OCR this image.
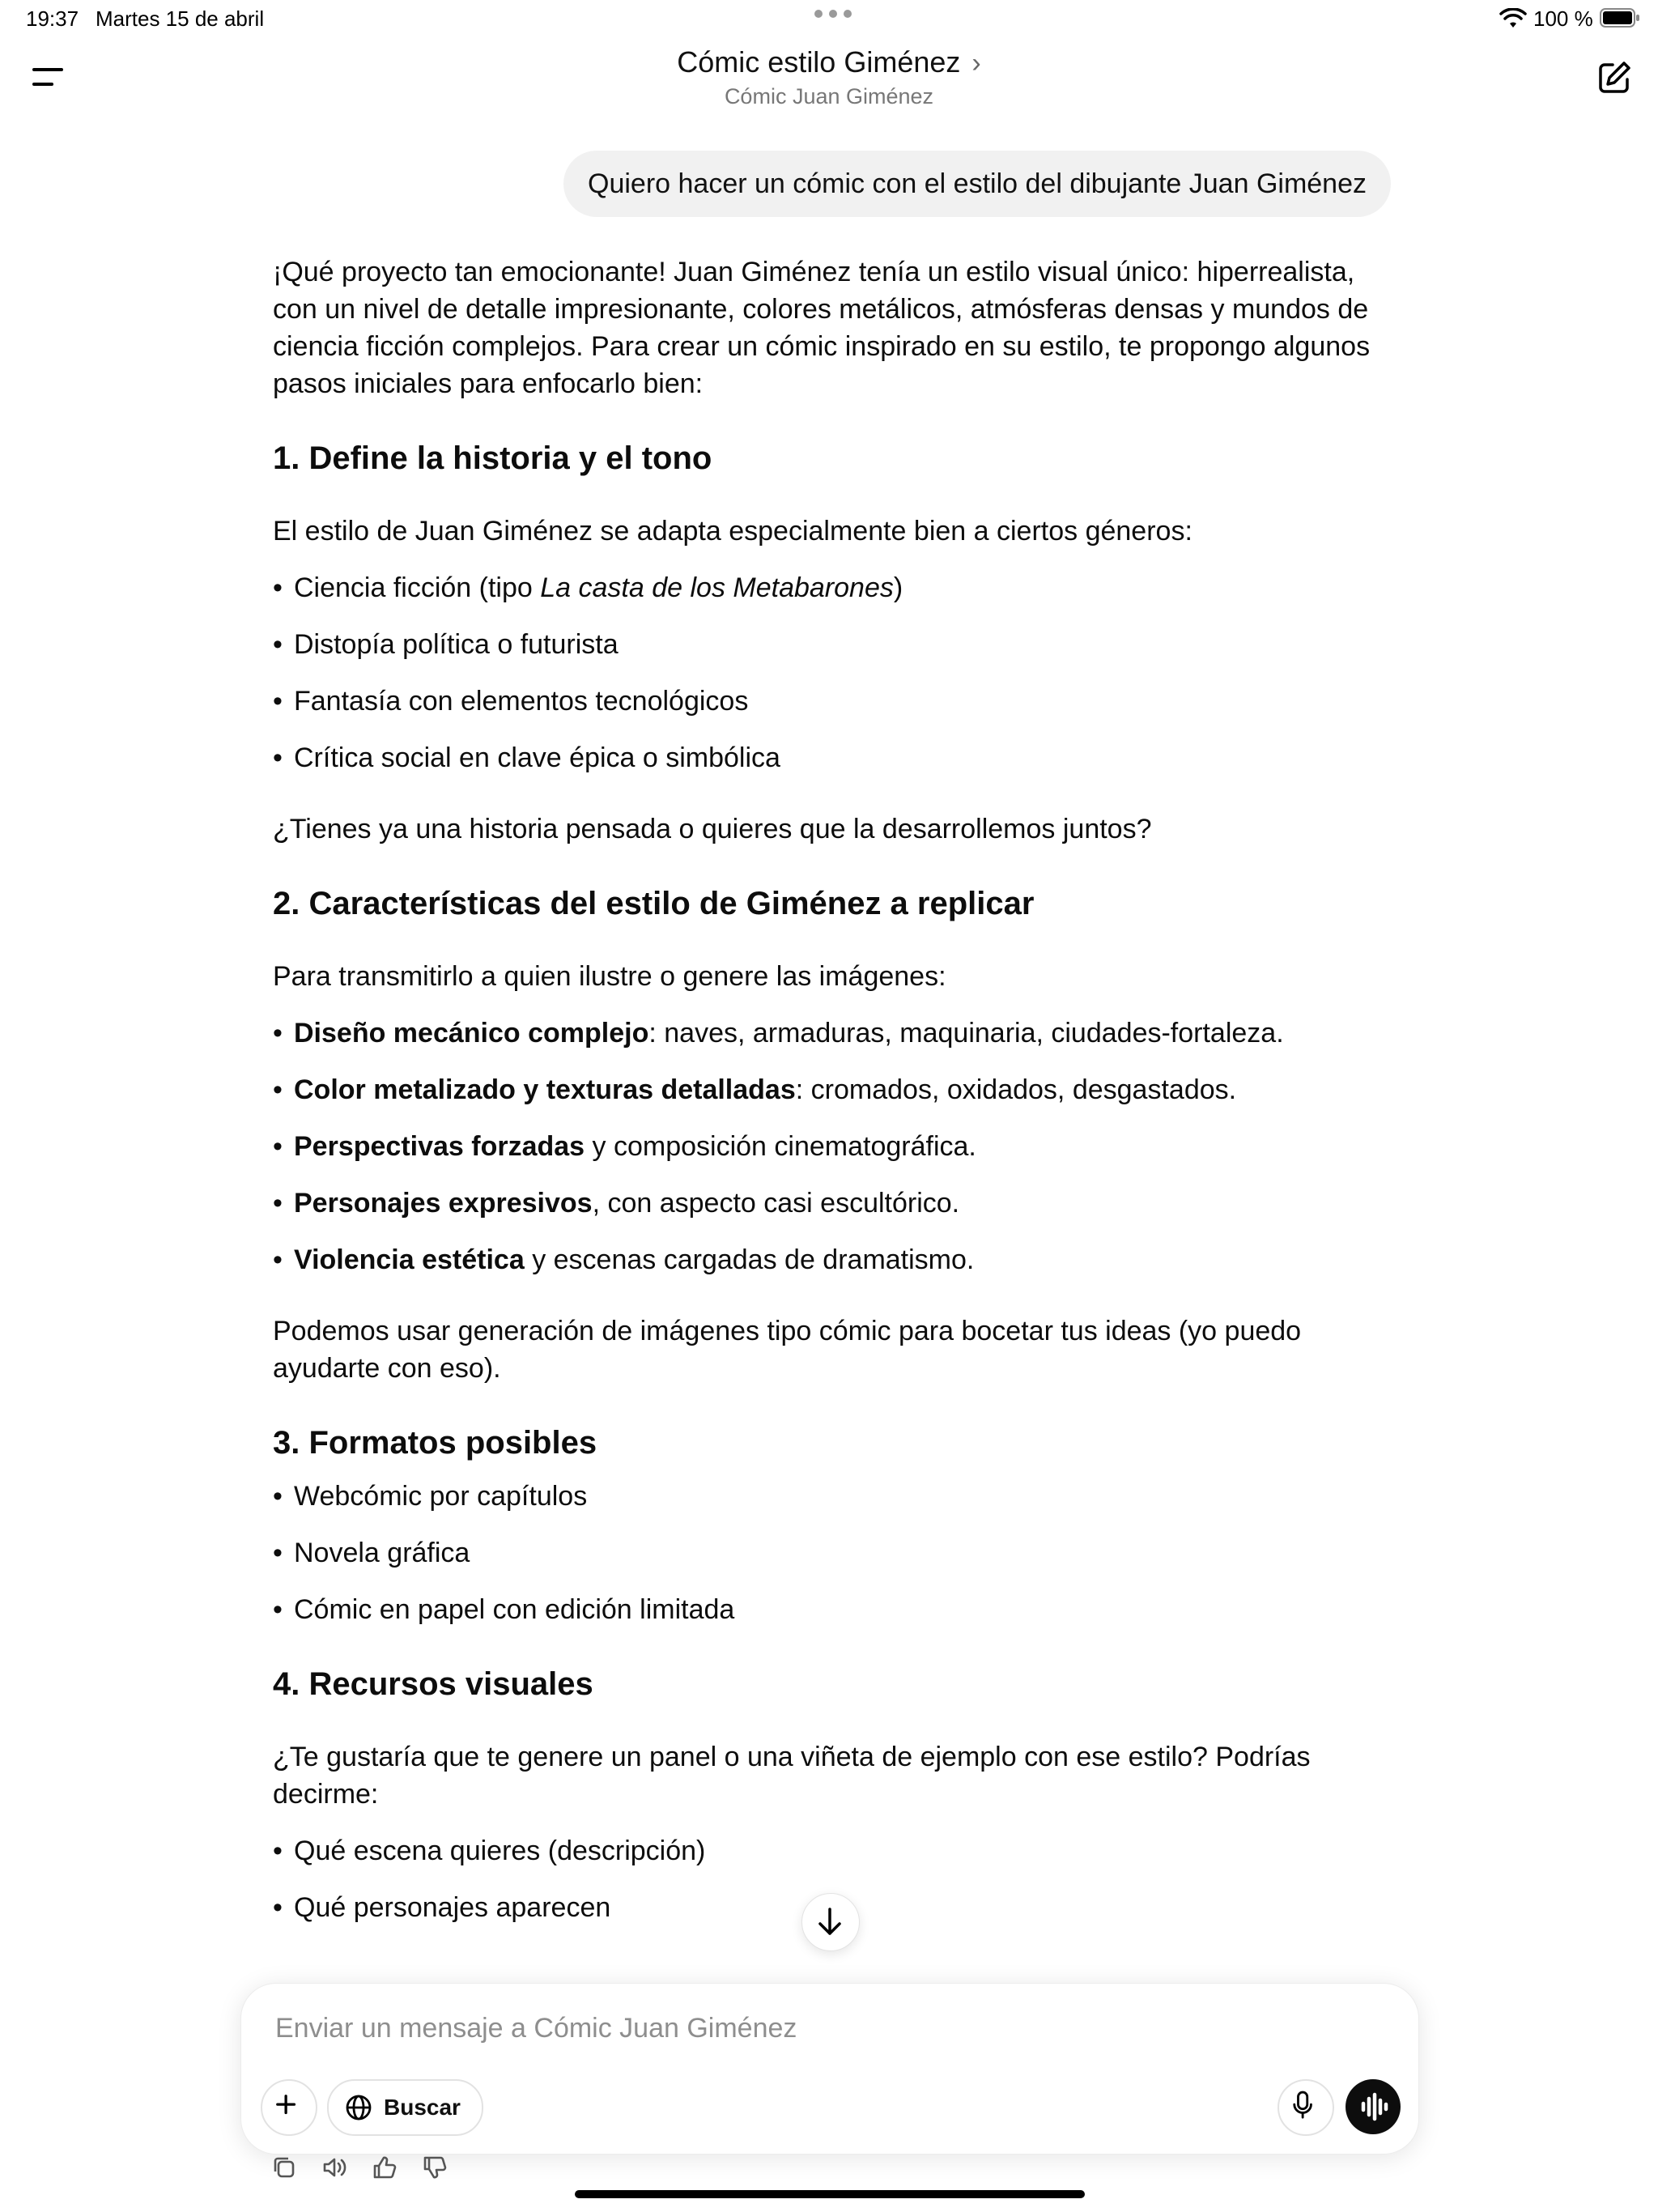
19:37 Martes 15 de abril	100 %
Cómic estilo Giménez ›
Cómic Juan Giménez
Quiero hacer un cómic con el estilo del dibujante Juan Giménez

¡Qué proyecto tan emocionante! Juan Giménez tenía un estilo visual único: hiperrealista, con un nivel de detalle impresionante, colores metálicos, atmósferas densas y mundos de ciencia ficción complejos. Para crear un cómic inspirado en su estilo, te propongo algunos pasos iniciales para enfocarlo bien:

1. Define la historia y el tono

El estilo de Juan Giménez se adapta especialmente bien a ciertos géneros:

• Ciencia ficción (tipo La casta de los Metabarones)
• Distopía política o futurista
• Fantasía con elementos tecnológicos
• Crítica social en clave épica o simbólica

¿Tienes ya una historia pensada o quieres que la desarrollemos juntos?

2. Características del estilo de Giménez a replicar

Para transmitirlo a quien ilustre o genere las imágenes:

• Diseño mecánico complejo: naves, armaduras, maquinaria, ciudades-fortaleza.
• Color metalizado y texturas detalladas: cromados, oxidados, desgastados.
• Perspectivas forzadas y composición cinematográfica.
• Personajes expresivos, con aspecto casi escultórico.
• Violencia estética y escenas cargadas de dramatismo.

Podemos usar generación de imágenes tipo cómic para bocetar tus ideas (yo puedo ayudarte con eso).

3. Formatos posibles
• Webcómic por capítulos
• Novela gráfica
• Cómic en papel con edición limitada
4. Recursos visuales

¿Te gustaría que te genere un panel o una viñeta de ejemplo con ese estilo? Podrías decirme:

• Qué escena quieres (descripción)
• Qué personajes aparecen
Enviar un mensaje a Cómic Juan Giménez
Buscar
